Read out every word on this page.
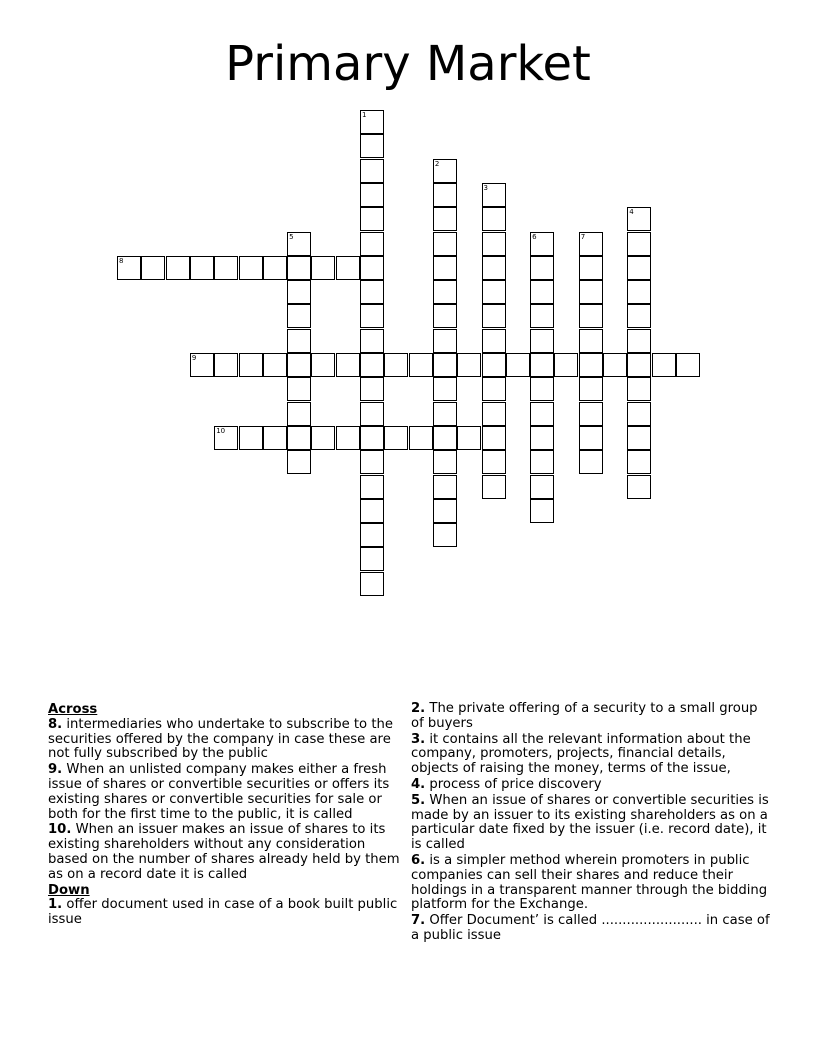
Primary Market
1
2
3
4
5	6	7
8
9
10
Across
8. intermediaries who undertake to subscribe to the securities offered by the company in case these are not fully subscribed by the public
9. When an unlisted company makes either a fresh issue of shares or convertible securities or offers its existing shares or convertible securities for sale or both for the first time to the public, it is called
10. When an issuer makes an issue of shares to its existing shareholders without any consideration based on the number of shares already held by them as on a record date it is called
Down
1. offer document used in case of a book built public issue
2. The private offering of a security to a small group of buyers
3. it contains all the relevant information about the company, promoters, projects, financial details, objects of raising the money, terms of the issue,
4. process of price discovery
5. When an issue of shares or convertible securities is made by an issuer to its existing shareholders as on a particular date fixed by the issuer (i.e. record date), it is called
6. is a simpler method wherein promoters in public companies can sell their shares and reduce their holdings in a transparent manner through the bidding platform for the Exchange.
7. Offer Document’ is called ........................ in case of a public issue
